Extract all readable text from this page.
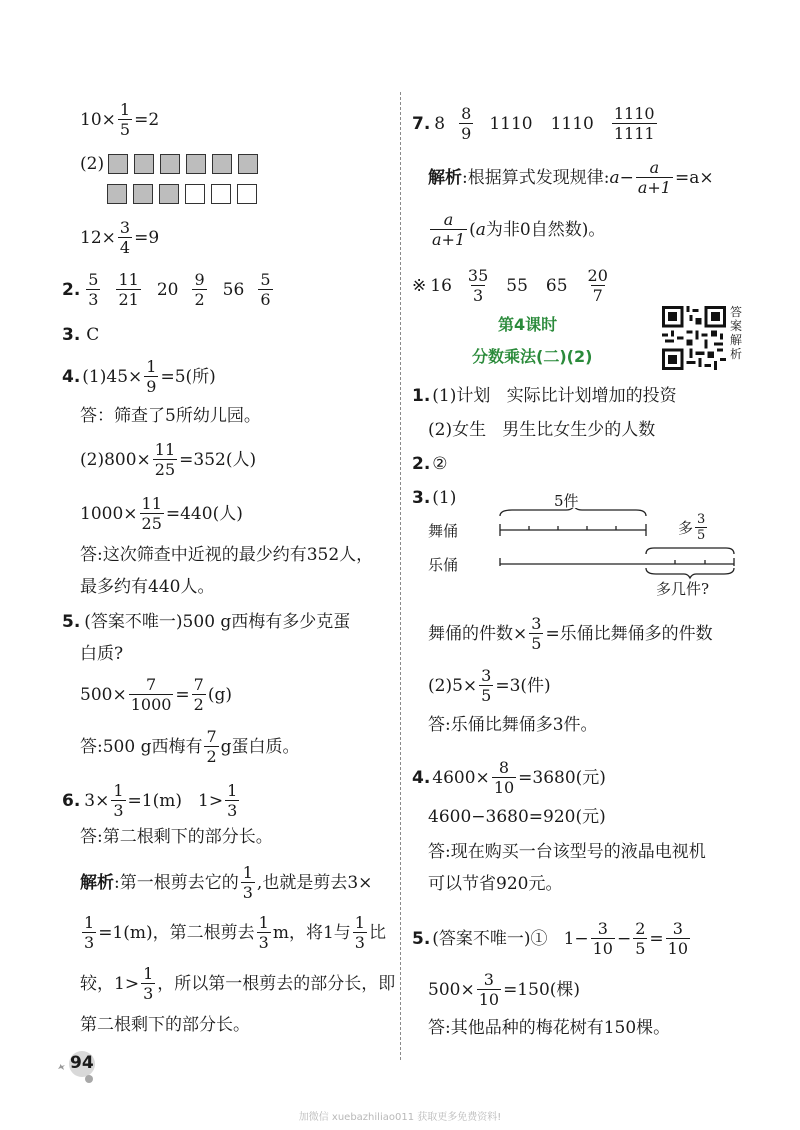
$10\times \frac{1}{5} =2$
(2)
$12\times \frac{3}{4} =9$
2. $\frac{5}{3} \frac{11}{21} 20 \frac{9}{2} 56 \frac{5}{6}$
3. C
4. $(1)45\times \frac{1}{9} =5$(所)
答：筛查了5所幼儿园。
$(2)800\times \frac{11}{25} =352$(人)
$1000\times \frac{11}{25} =440$(人)
答:这次筛查中近视的最少约有352人，
最多约有440人。
5. (答案不唯一)500 g西梅有多少克蛋
白质?
$500\times \frac{7}{1000} = \frac{7}{2} (g)$
答:500 g西梅有 $\frac{7}{2}$ g蛋白质。
6. $3\times \frac{1}{3} =1(m)$ $1> \frac{1}{3}$
答:第二根剩下的部分长。
解析 :第一根剪去它的 $\frac{1}{3}$ ,也就是剪去3×
$\frac{1}{3} =1(m)$，第二根剪去 $\frac{1}{3}$ m，将1与 $\frac{1}{3}$ 比
较，$1> \frac{1}{3}$ ，所以第一根剪去的部分长，即
第二根剩下的部分长。
7. $8 \frac{8}{9} 1110$ $1110 \frac{1110}{1111}$
解析 :根据算式发现规律: $a - \frac{a}{a+1} =a\times$
$\frac{a}{a+1}$ ( a 为非0自然数)。
※ $16 \frac{35}{3} 55$ $65 \frac{20}{7}$
第4课时
分数乘法(二)(2)
答案解析
1. (1)计划   实际比计划增加的投资
(2)女生   男生比女生少的人数
2. ②
3. (1)	5件
舞俑
乐俑
多 $\frac{3}{5}$
多几件?
舞俑的件数× $\frac{3}{5}$ =乐俑比舞俑多的件数
$(2)5\times \frac{3}{5} =3$(件)
答:乐俑比舞俑多3件。
4. $4600\times \frac{8}{10} =3680$(元)
4600−3680=920(元)
答:现在购买一台该型号的液晶电视机
可以节省920元。
5. (答案不唯一)① $1- \frac{3}{10} - \frac{2}{5} = \frac{3}{10}$
$500\times \frac{3}{10} =150$(棵)
答:其他品种的梅花树有150棵。
94
加微信 xuebazhiliao011 获取更多免费资料!
